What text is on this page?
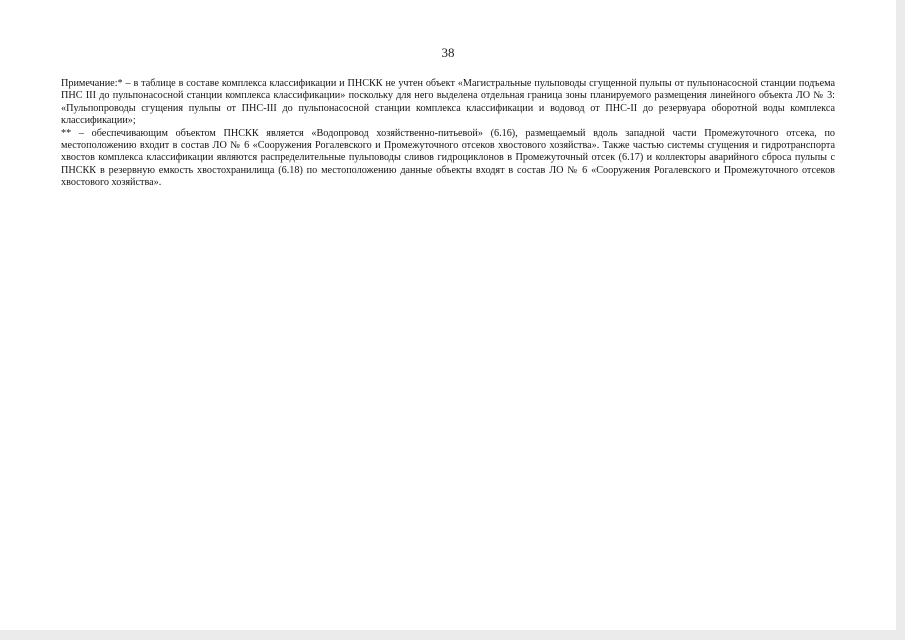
38

Примечание:* – в таблице в составе комплекса классификации и ПНСКК не учтен объект «Магистральные пульповоды сгущенной пульпы от пульпонасосной станции подъема ПНС III до пульпонасосной станции комплекса классификации» поскольку для него выделена отдельная граница зоны планируемого размещения линейного объекта ЛО № 3: «Пульпопроводы сгущения пульпы от ПНС-III до пульпонасосной станции комплекса классификации и водовод от ПНС-II до резервуара оборотной воды комплекса классификации»;

** – обеспечивающим объектом ПНСКК является «Водопровод хозяйственно-питьевой» (6.16), размещаемый вдоль западной части Промежуточного отсека, по местоположению входит в состав ЛО № 6 «Сооружения Рогалевского и Промежуточного отсеков хвостового хозяйства». Также частью системы сгущения и гидротранспорта хвостов комплекса классификации являются распределительные пульповоды сливов гидроциклонов в Промежуточный отсек (6.17) и коллекторы аварийного сброса пульпы с ПНСКК в резервную емкость хвостохранилища (6.18) по местоположению данные объекты входят в состав ЛО № 6 «Сооружения Рогалевского и Промежуточного отсеков хвостового хозяйства».
